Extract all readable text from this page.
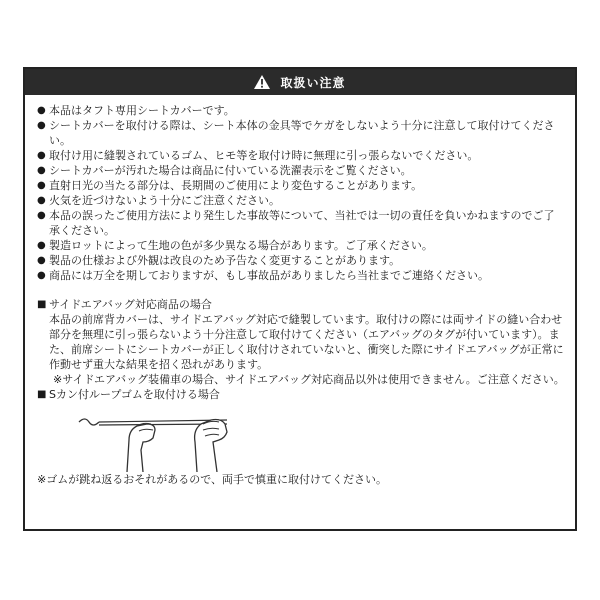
取扱い注意
● 本品はタフト専用シートカバーです。
● シートカバーを取付ける際は、シート本体の金具等でケガをしないよう十分に注意して取付けてください。
● 取付け用に縫製されているゴム、ヒモ等を取付け時に無理に引っ張らないでください。
● シートカバーが汚れた場合は商品に付いている洗濯表示をご覧ください。
● 直射日光の当たる部分は、長期間のご使用により変色することがあります。
● 火気を近づけないよう十分にご注意ください。
● 本品の誤ったご使用方法により発生した事故等について、当社では一切の責任を負いかねますのでご了承ください。
● 製造ロットによって生地の色が多少異なる場合があります。ご了承ください。
● 製品の仕様および外観は改良のため予告なく変更することがあります。
● 商品には万全を期しておりますが、もし事故品がありましたら当社までご連絡ください。
■ サイドエアバッグ対応商品の場合
本品の前席背カバーは、サイドエアバッグ対応で縫製しています。取付けの際には両サイドの縫い合わせ部分を無理に引っ張らないよう十分注意して取付けてください（エアバッグのタグが付いています）。また、前席シートにシートカバーが正しく取付けされていないと、衝突した際にサイドエアバッグが正常に作動せず重大な結果を招く恐れがあります。
※サイドエアバッグ装備車の場合、サイドエアバッグ対応商品以外は使用できません。ご注意ください。
■ Sカン付ループゴムを取付ける場合
※ゴムが跳ね返るおそれがあるので、両手で慎重に取付けてください。
